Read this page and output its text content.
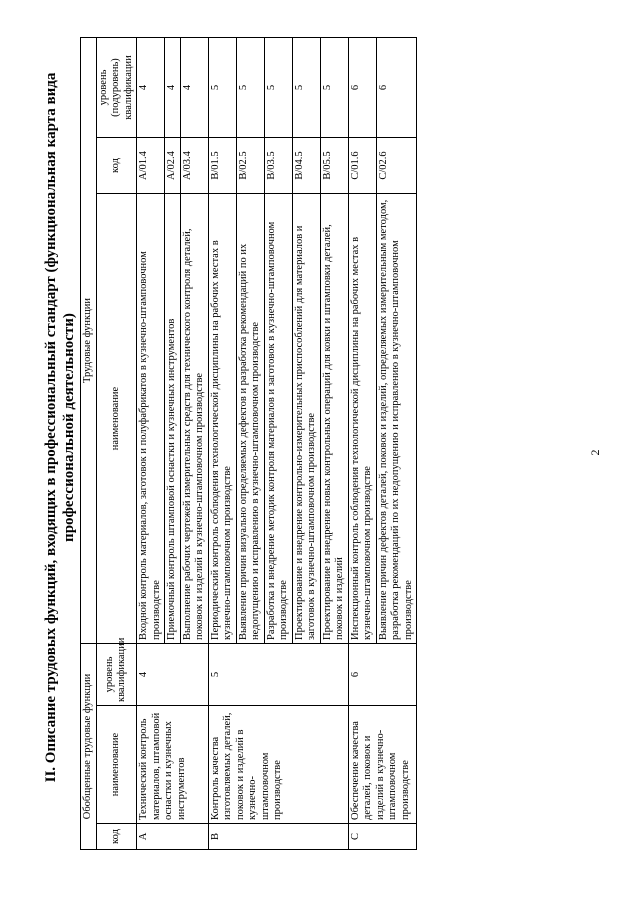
II. Описание трудовых функций, входящих в профессиональный стандарт (функциональная карта вида профессиональной деятельности)
Обобщенные трудовые функции			Трудовые функции		
код	наименование	уровень квалификации	наименование	код	уровень (подуровень) квалификации
A	Технический контроль материалов, штамповой оснастки и кузнечных инструментов	4	Входной контроль материалов, заготовок и полуфабрикатов в кузнечно-штамповочном производстве	A/01.4	4
			Приемочный контроль штамповой оснастки и кузнечных инструментов	A/02.4	4
			Выполнение рабочих чертежей измерительных средств для технического контроля деталей, поковок и изделий в кузнечно-штамповочном производстве	A/03.4	4
B	Контроль качества изготовляемых деталей, поковок и изделий в кузнечно-штамповочном производстве	5	Периодический контроль соблюдения технологической дисциплины на рабочих местах в кузнечно-штамповочном производстве	B/01.5	5
			Выявление причин визуально определяемых дефектов и разработка рекомендаций по их недопущению и исправлению в кузнечно-штамповочном производстве	B/02.5	5
			Разработка и внедрение методик контроля материалов и заготовок в кузнечно-штамповочном производстве	B/03.5	5
			Проектирование и внедрение контрольно-измерительных приспособлений для материалов и заготовок в кузнечно-штамповочном производстве	B/04.5	5
			Проектирование и внедрение новых контрольных операций для ковки и штамповки деталей, поковок и изделий	B/05.5	5
C	Обеспечение качества деталей, поковок и изделий в кузнечно-штамповочном производстве	6	Инспекционный контроль соблюдения технологической дисциплины на рабочих местах в кузнечно-штамповочном производстве	C/01.6	6
			Выявление причин дефектов деталей, поковок и изделий, определяемых измерительным методом, разработка рекомендаций по их недопущению и исправлению в кузнечно-штамповочном производстве	C/02.6	6
2
